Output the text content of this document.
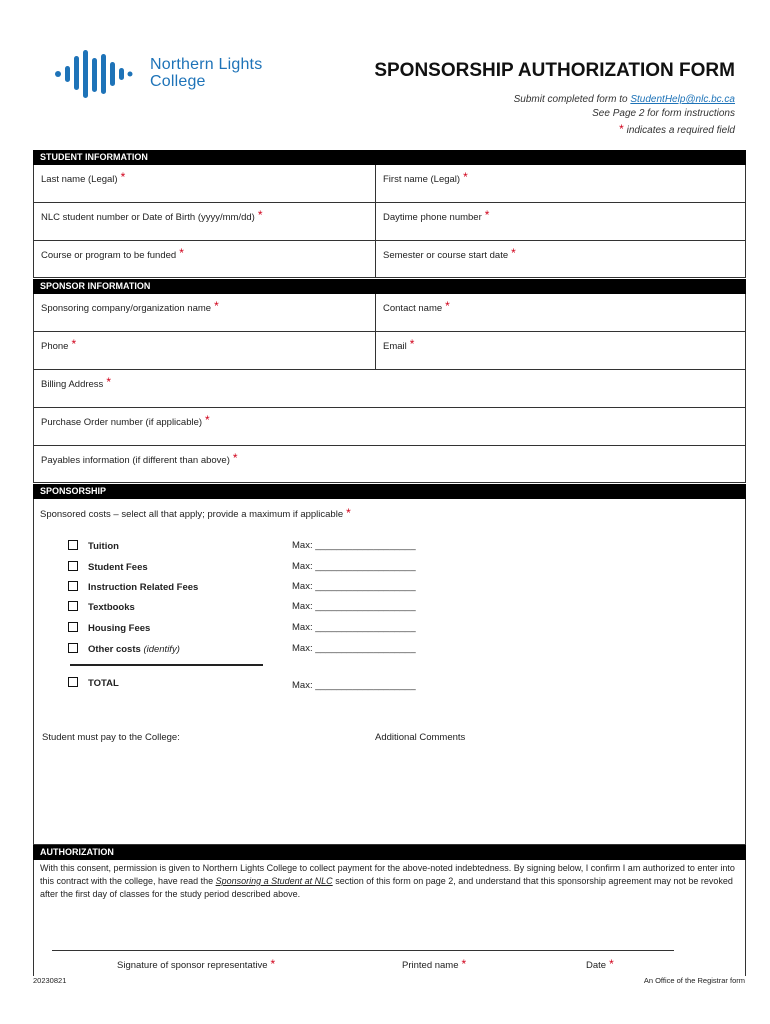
Northern Lights
College
SPONSORSHIP AUTHORIZATION FORM
Submit completed form to StudentHelp@nlc.bc.ca
See Page 2 for form instructions
* indicates a required field
STUDENT INFORMATION
Last name (Legal) *	First name (Legal) *
NLC student number or Date of Birth (yyyy/mm/dd) *	Daytime phone number *
Course or program to be funded *	Semester or course start date *
SPONSOR INFORMATION
Sponsoring company/organization name *	Contact name *
Phone *	Email *
Billing Address *
Purchase Order number (if applicable) *
Payables information (if different than above) *
SPONSORSHIP
Sponsored costs – select all that apply; provide a maximum if applicable *
Tuition	Max: ___________________
Student Fees	Max: ___________________
Instruction Related Fees	Max: ___________________
Textbooks	Max: ___________________
Housing Fees	Max: ___________________
Other costs (identify)	Max: ___________________
TOTAL	Max: ___________________
Student must pay to the College:	Additional Comments
AUTHORIZATION
With this consent, permission is given to Northern Lights College to collect payment for the above-noted indebtedness. By signing below, I confirm I am authorized to enter into this contract with the college, have read the Sponsoring a Student at NLC section of this form on page 2, and understand that this sponsorship agreement may not be revoked after the first day of classes for the study period described above.
Signature of sponsor representative *	Printed name *	Date *
20230821	An Office of the Registrar form
